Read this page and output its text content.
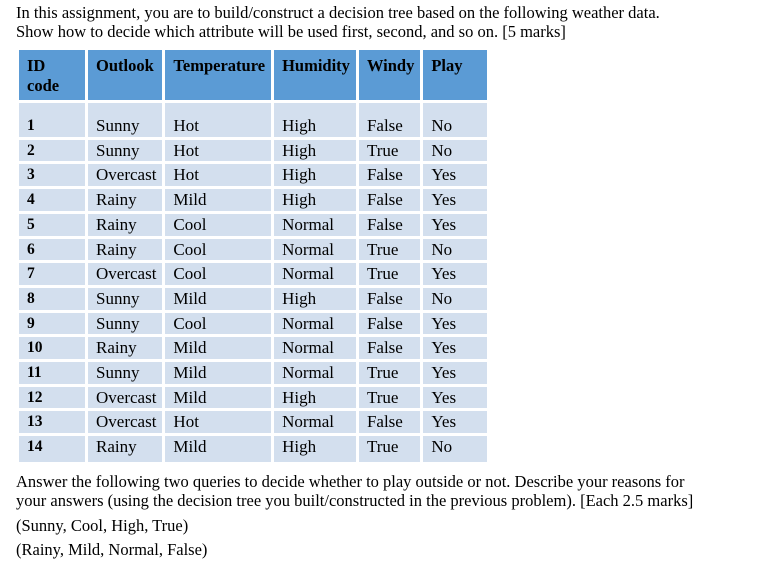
In this assignment, you are to build/construct a decision tree based on the following weather data.

Show how to decide which attribute will be used first, second, and so on. [5 marks]

ID
code	Outlook	Temperature	Humidity	Windy	Play
1	Sunny	Hot	High	False	No
2	Sunny	Hot	High	True	No
3	Overcast	Hot	High	False	Yes
4	Rainy	Mild	High	False	Yes
5	Rainy	Cool	Normal	False	Yes
6	Rainy	Cool	Normal	True	No
7	Overcast	Cool	Normal	True	Yes
8	Sunny	Mild	High	False	No
9	Sunny	Cool	Normal	False	Yes
10	Rainy	Mild	Normal	False	Yes
11	Sunny	Mild	Normal	True	Yes
12	Overcast	Mild	High	True	Yes
13	Overcast	Hot	Normal	False	Yes
14	Rainy	Mild	High	True	No

Answer the following two queries to decide whether to play outside or not. Describe your reasons for

your answers (using the decision tree you built/constructed in the previous problem). [Each 2.5 marks]

(Sunny, Cool, High, True)

(Rainy, Mild, Normal, False)
